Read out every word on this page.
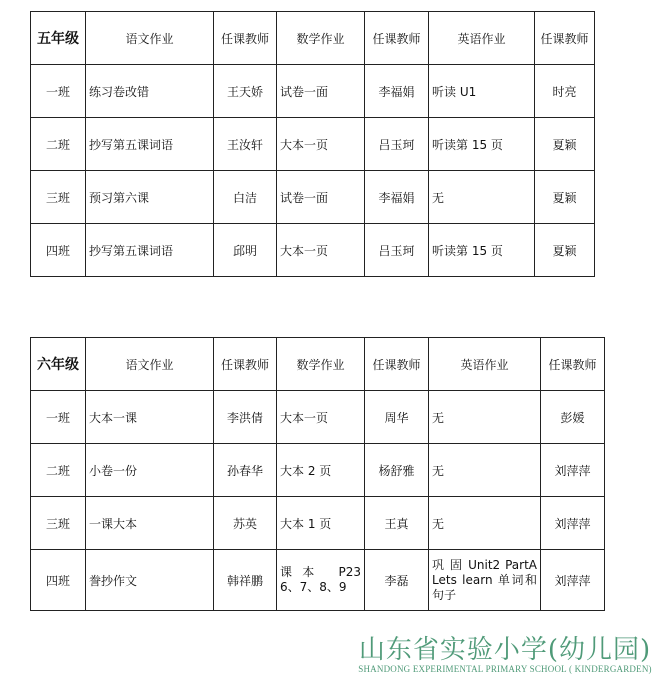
五年级	语文作业	任课教师	数学作业	任课教师	英语作业	任课教师
一班	练习卷改错	王天娇	试卷一面	李福娟	听读 U1	时亮
二班	抄写第五课词语	王汝轩	大本一页	吕玉珂	听读第 15 页	夏颖
三班	预习第六课	白洁	试卷一面	李福娟	无	夏颖
四班	抄写第五课词语	邱明	大本一页	吕玉珂	听读第 15 页	夏颖
六年级	语文作业	任课教师	数学作业	任课教师	英语作业	任课教师
一班	大本一课	李洪倩	大本一页	周华	无	彭媛
二班	小卷一份	孙春华	大本 2 页	杨舒雅	无	刘萍萍
三班	一课大本	苏英	大本 1 页	王真	无	刘萍萍
四班	誊抄作文	韩祥鹏	课本 P23　6、7、8、9	李磊	巩 固 Unit2 PartA Lets learn 单词和句子	刘萍萍
山东省实验小学(幼儿园)
SHANDONG EXPERIMENTAL PRIMARY SCHOOL ( KINDERGARDEN)
